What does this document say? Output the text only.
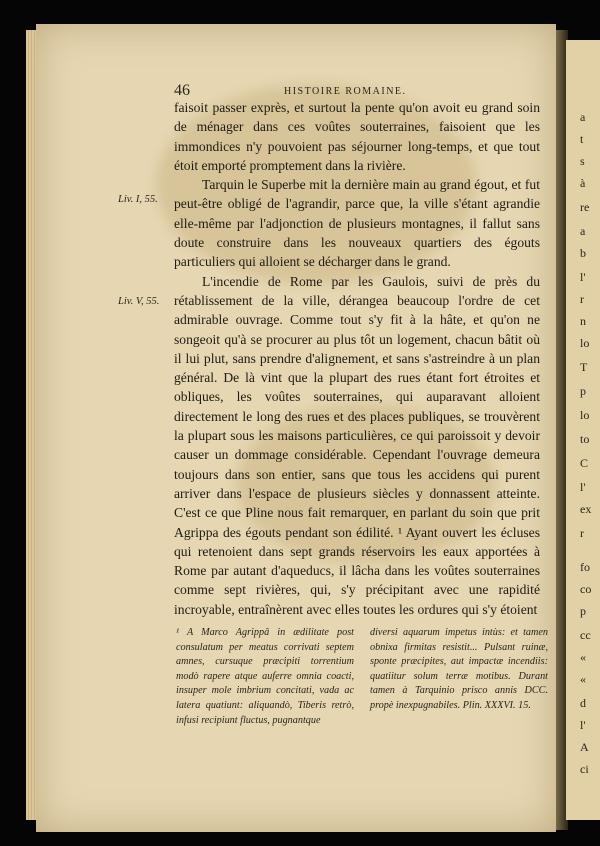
a
t
s
à
re
a
b
l'
r
n
lo
T
p
lo
to
C
l'
ex
r
fo
co
p
cc
«
«
d
l'
A
ci
46	HISTOIRE ROMAINE.
Liv. I, 55.
Liv. V, 55.

faisoit passer exprès, et surtout la pente qu'on avoit eu grand soin de ménager dans ces voûtes souterraines, faisoient que les immondices n'y pouvoient pas séjourner long-temps, et que tout étoit emporté promptement dans la rivière.

Tarquin le Superbe mit la dernière main au grand égout, et fut peut-être obligé de l'agrandir, parce que, la ville s'étant agrandie elle-même par l'adjonction de plusieurs montagnes, il fallut sans doute construire dans les nouveaux quartiers des égouts particuliers qui alloient se décharger dans le grand.

L'incendie de Rome par les Gaulois, suivi de près du rétablissement de la ville, dérangea beaucoup l'ordre de cet admirable ouvrage. Comme tout s'y fit à la hâte, et qu'on ne songeoit qu'à se procurer au plus tôt un logement, chacun bâtit où il lui plut, sans prendre d'alignement, et sans s'astreindre à un plan général. De là vint que la plupart des rues étant fort étroites et obliques, les voûtes souterraines, qui auparavant alloient directement le long des rues et des places publiques, se trouvèrent la plupart sous les maisons particulières, ce qui paroissoit y devoir causer un dommage considérable. Cependant l'ouvrage demeura toujours dans son entier, sans que tous les accidens qui purent arriver dans l'espace de plusieurs siècles y donnassent atteinte. C'est ce que Pline nous fait remarquer, en parlant du soin que prit Agrippa des égouts pendant son édilité. ¹ Ayant ouvert les écluses qui retenoient dans sept grands réservoirs les eaux apportées à Rome par autant d'aqueducs, il lâcha dans les voûtes souterraines comme sept rivières, qui, s'y précipitant avec une rapidité incroyable, entraînèrent avec elles toutes les ordures qui s'y étoient

¹ A Marco Agrippâ in ædilitate post consulatum per meatus corrivati septem amnes, cursuque præcipiti torrentium modò rapere atque auferre omnia coacti, insuper mole imbrium concitati, vada ac latera quatiunt: aliquandò, Tiberis retrò, infusi recipiunt fluctus, pugnantque
diversi aquarum impetus intùs: et tamen obnixa firmitas resistit... Pulsant ruinæ, sponte præcipites, aut impactæ incendiis: quatiitur solum terræ motibus. Durant tamen à Tarquinio prisco annis DCC. propè inexpugnabiles. Plin. XXXVI. 15.
